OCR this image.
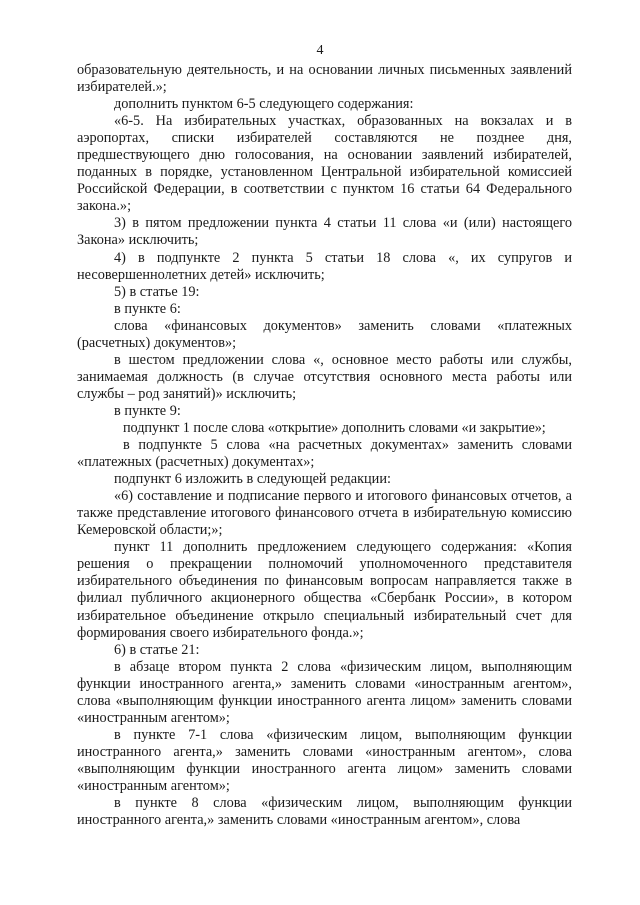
4

образовательную деятельность, и на основании личных письменных заявлений избирателей.»;

дополнить пунктом 6-5 следующего содержания:

«6-5. На избирательных участках, образованных на вокзалах и в аэропортах, списки избирателей составляются не позднее дня, предшествующего дню голосования, на основании заявлений избирателей, поданных в порядке, установленном Центральной избирательной комиссией Российской Федерации, в соответствии с пунктом 16 статьи 64 Федерального закона.»;

3) в пятом предложении пункта 4 статьи 11 слова «и (или) настоящего Закона» исключить;

4) в подпункте 2 пункта 5 статьи 18 слова «, их супругов и несовершеннолетних детей» исключить;

5) в статье 19:

в пункте 6:

слова «финансовых документов» заменить словами «платежных (расчетных) документов»;

в шестом предложении слова «, основное место работы или службы, занимаемая должность (в случае отсутствия основного места работы или службы – род занятий)» исключить;

в пункте 9:

подпункт 1 после слова «открытие» дополнить словами «и закрытие»;

в подпункте 5 слова «на расчетных документах» заменить словами «платежных (расчетных) документах»;

подпункт 6 изложить в следующей редакции:

«6) составление и подписание первого и итогового финансовых отчетов, а также представление итогового финансового отчета в избирательную комиссию Кемеровской области;»;

пункт 11 дополнить предложением следующего содержания: «Копия решения о прекращении полномочий уполномоченного представителя избирательного объединения по финансовым вопросам направляется также в филиал публичного акционерного общества «Сбербанк России», в котором избирательное объединение открыло специальный избирательный счет для формирования своего избирательного фонда.»;

6) в статье 21:

в абзаце втором пункта 2 слова «физическим лицом, выполняющим функции иностранного агента,» заменить словами «иностранным агентом», слова «выполняющим функции иностранного агента лицом» заменить словами «иностранным агентом»;

в пункте 7-1 слова «физическим лицом, выполняющим функции иностранного агента,» заменить словами «иностранным агентом», слова «выполняющим функции иностранного агента лицом» заменить словами «иностранным агентом»;

в пункте 8 слова «физическим лицом, выполняющим функции иностранного агента,» заменить словами «иностранным агентом», слова
